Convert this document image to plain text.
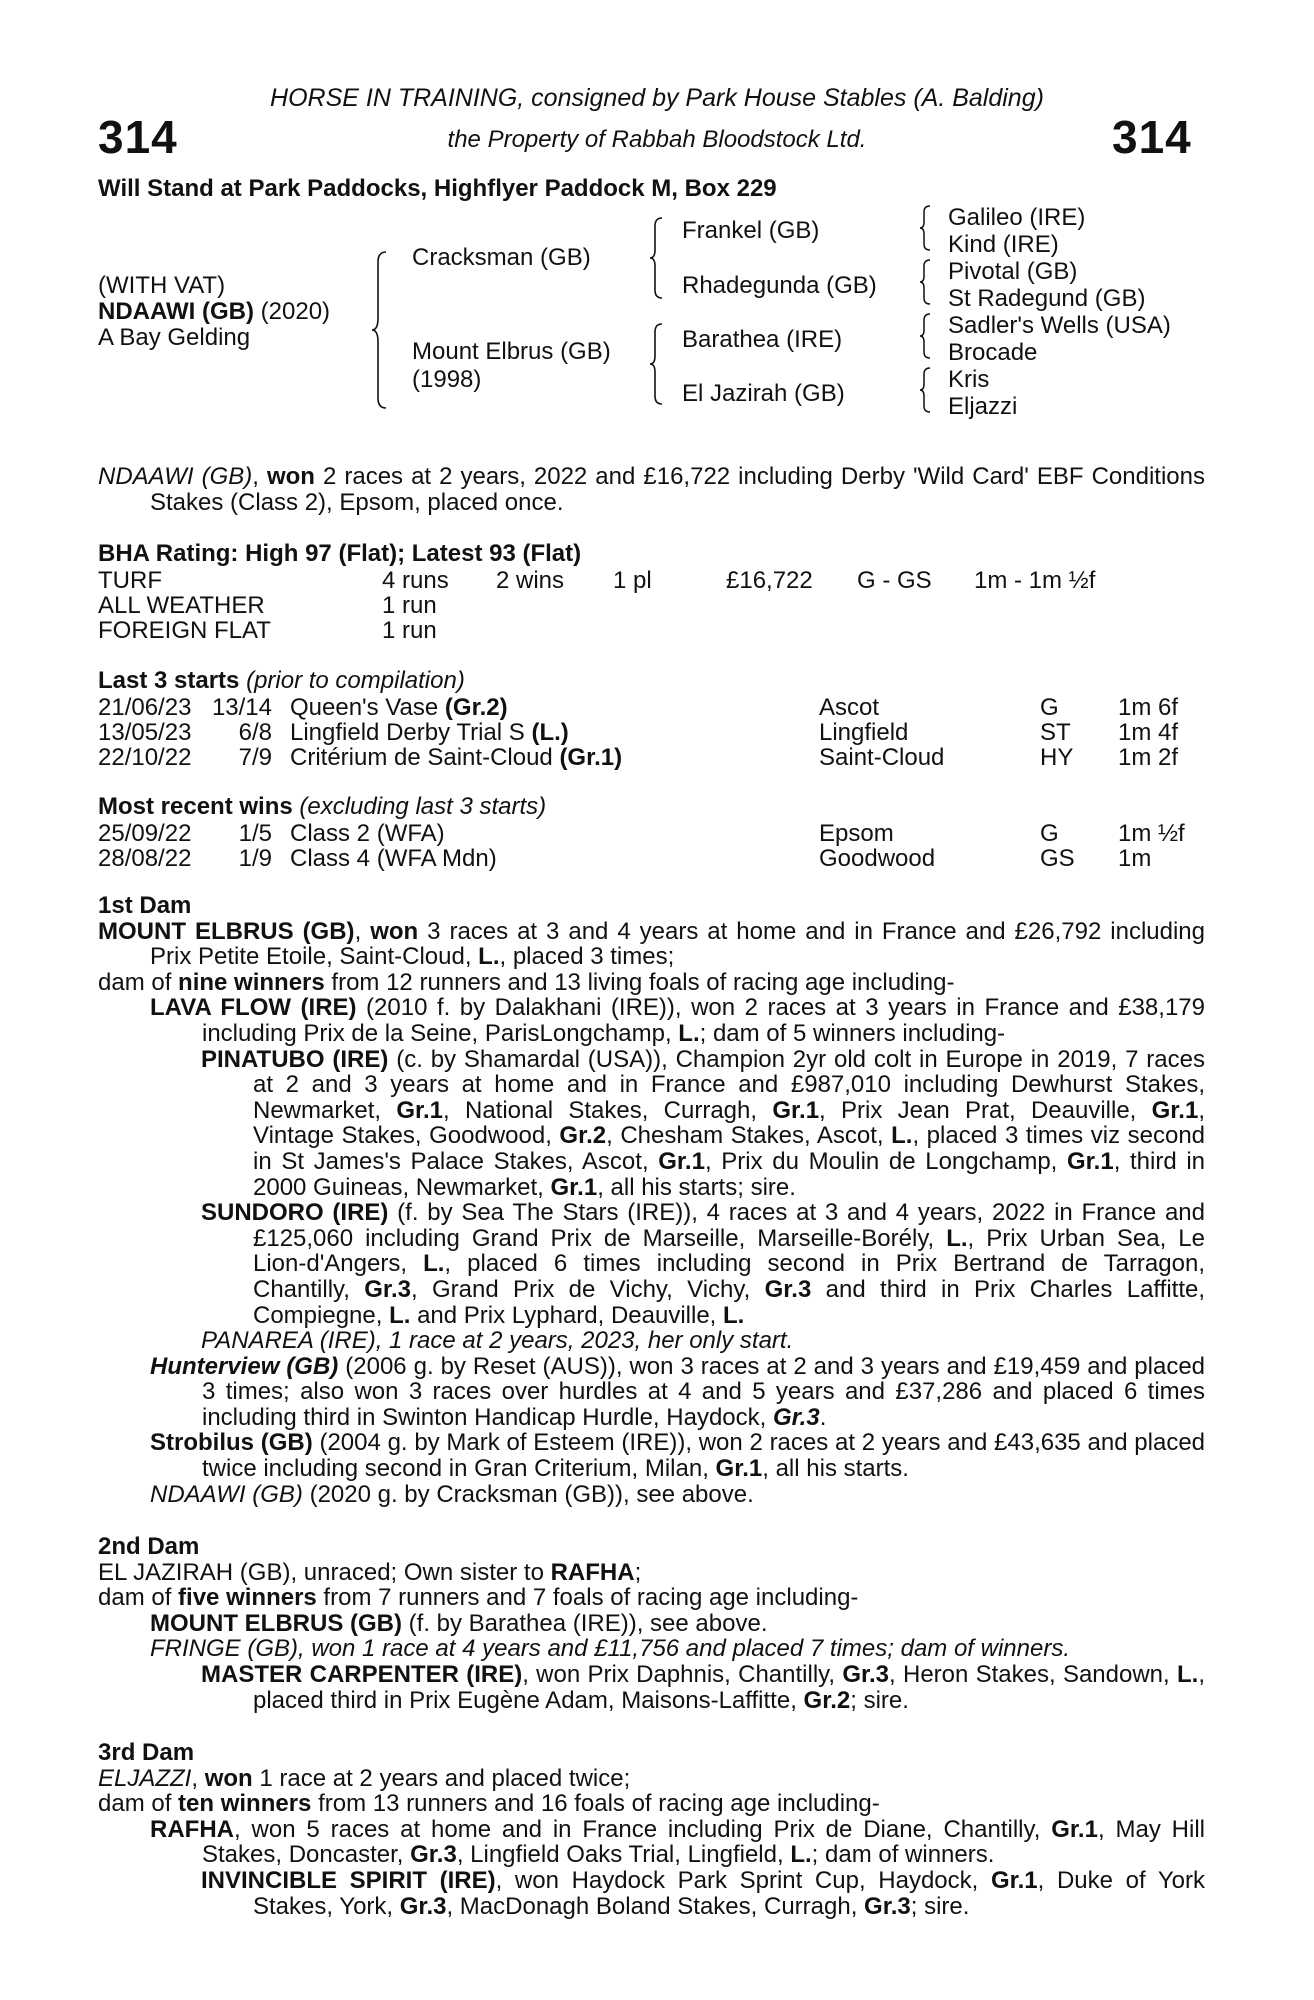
314	314
HORSE IN TRAINING, consigned by Park House Stables (A. Balding)
the Property of Rabbah Bloodstock Ltd.
Will Stand at Park Paddocks, Highflyer Paddock M, Box 229
(WITH VAT)
NDAAWI (GB) (2020)
A Bay Gelding
Cracksman (GB)
Mount Elbrus (GB)
(1998)
Frankel (GB)
Rhadegunda (GB)
Barathea (IRE)
El Jazirah (GB)
Galileo (IRE)
Kind (IRE)
Pivotal (GB)
St Radegund (GB)
Sadler's Wells (USA)
Brocade
Kris
Eljazzi

NDAAWI (GB), won 2 races at 2 years, 2022 and £16,722 including Derby 'Wild Card' EBF Conditions Stakes (Class 2), Epsom, placed once.

BHA Rating: High 97 (Flat); Latest 93 (Flat)
TURF	4 runs 2 wins 1 pl	£16,722 G - GS 1m - 1m ½f
ALL WEATHER	1 run
FOREIGN FLAT	1 run
Last 3 starts (prior to compilation)
21/06/23 13/14 Queen's Vase (Gr.2)	Ascot	G 1m 6f
13/05/23 6/8 Lingfield Derby Trial S (L.)	Lingfield	ST 1m 4f
22/10/22 7/9 Critérium de Saint-Cloud (Gr.1)	Saint-Cloud	HY 1m 2f
Most recent wins (excluding last 3 starts)
25/09/22 1/5 Class 2 (WFA)	Epsom	G 1m ½f
28/08/22 1/9 Class 4 (WFA Mdn)	Goodwood	GS 1m

1st Dam

MOUNT ELBRUS (GB), won 3 races at 3 and 4 years at home and in France and £26,792 including Prix Petite Etoile, Saint-Cloud, L., placed 3 times;

dam of nine winners from 12 runners and 13 living foals of racing age including-

LAVA FLOW (IRE) (2010 f. by Dalakhani (IRE)), won 2 races at 3 years in France and £38,179 including Prix de la Seine, ParisLongchamp, L.; dam of 5 winners including-

PINATUBO (IRE) (c. by Shamardal (USA)), Champion 2yr old colt in Europe in 2019, 7 races at 2 and 3 years at home and in France and £987,010 including Dewhurst Stakes, Newmarket, Gr.1, National Stakes, Curragh, Gr.1, Prix Jean Prat, Deauville, Gr.1, Vintage Stakes, Goodwood, Gr.2, Chesham Stakes, Ascot, L., placed 3 times viz second in St James's Palace Stakes, Ascot, Gr.1, Prix du Moulin de Longchamp, Gr.1, third in 2000 Guineas, Newmarket, Gr.1, all his starts; sire.

SUNDORO (IRE) (f. by Sea The Stars (IRE)), 4 races at 3 and 4 years, 2022 in France and £125,060 including Grand Prix de Marseille, Marseille-Borély, L., Prix Urban Sea, Le Lion-d'Angers, L., placed 6 times including second in Prix Bertrand de Tarragon, Chantilly, Gr.3, Grand Prix de Vichy, Vichy, Gr.3 and third in Prix Charles Laffitte, Compiegne, L. and Prix Lyphard, Deauville, L.

PANAREA (IRE), 1 race at 2 years, 2023, her only start.

Hunterview (GB) (2006 g. by Reset (AUS)), won 3 races at 2 and 3 years and £19,459 and placed 3 times; also won 3 races over hurdles at 4 and 5 years and £37,286 and placed 6 times including third in Swinton Handicap Hurdle, Haydock, Gr.3.

Strobilus (GB) (2004 g. by Mark of Esteem (IRE)), won 2 races at 2 years and £43,635 and placed twice including second in Gran Criterium, Milan, Gr.1, all his starts.

NDAAWI (GB) (2020 g. by Cracksman (GB)), see above.

2nd Dam

EL JAZIRAH (GB), unraced; Own sister to RAFHA;

dam of five winners from 7 runners and 7 foals of racing age including-

MOUNT ELBRUS (GB) (f. by Barathea (IRE)), see above.

FRINGE (GB), won 1 race at 4 years and £11,756 and placed 7 times; dam of winners.

MASTER CARPENTER (IRE), won Prix Daphnis, Chantilly, Gr.3, Heron Stakes, Sandown, L., placed third in Prix Eugène Adam, Maisons-Laffitte, Gr.2; sire.

3rd Dam

ELJAZZI, won 1 race at 2 years and placed twice;

dam of ten winners from 13 runners and 16 foals of racing age including-

RAFHA, won 5 races at home and in France including Prix de Diane, Chantilly, Gr.1, May Hill Stakes, Doncaster, Gr.3, Lingfield Oaks Trial, Lingfield, L.; dam of winners.

INVINCIBLE SPIRIT (IRE), won Haydock Park Sprint Cup, Haydock, Gr.1, Duke of York Stakes, York, Gr.3, MacDonagh Boland Stakes, Curragh, Gr.3; sire.
